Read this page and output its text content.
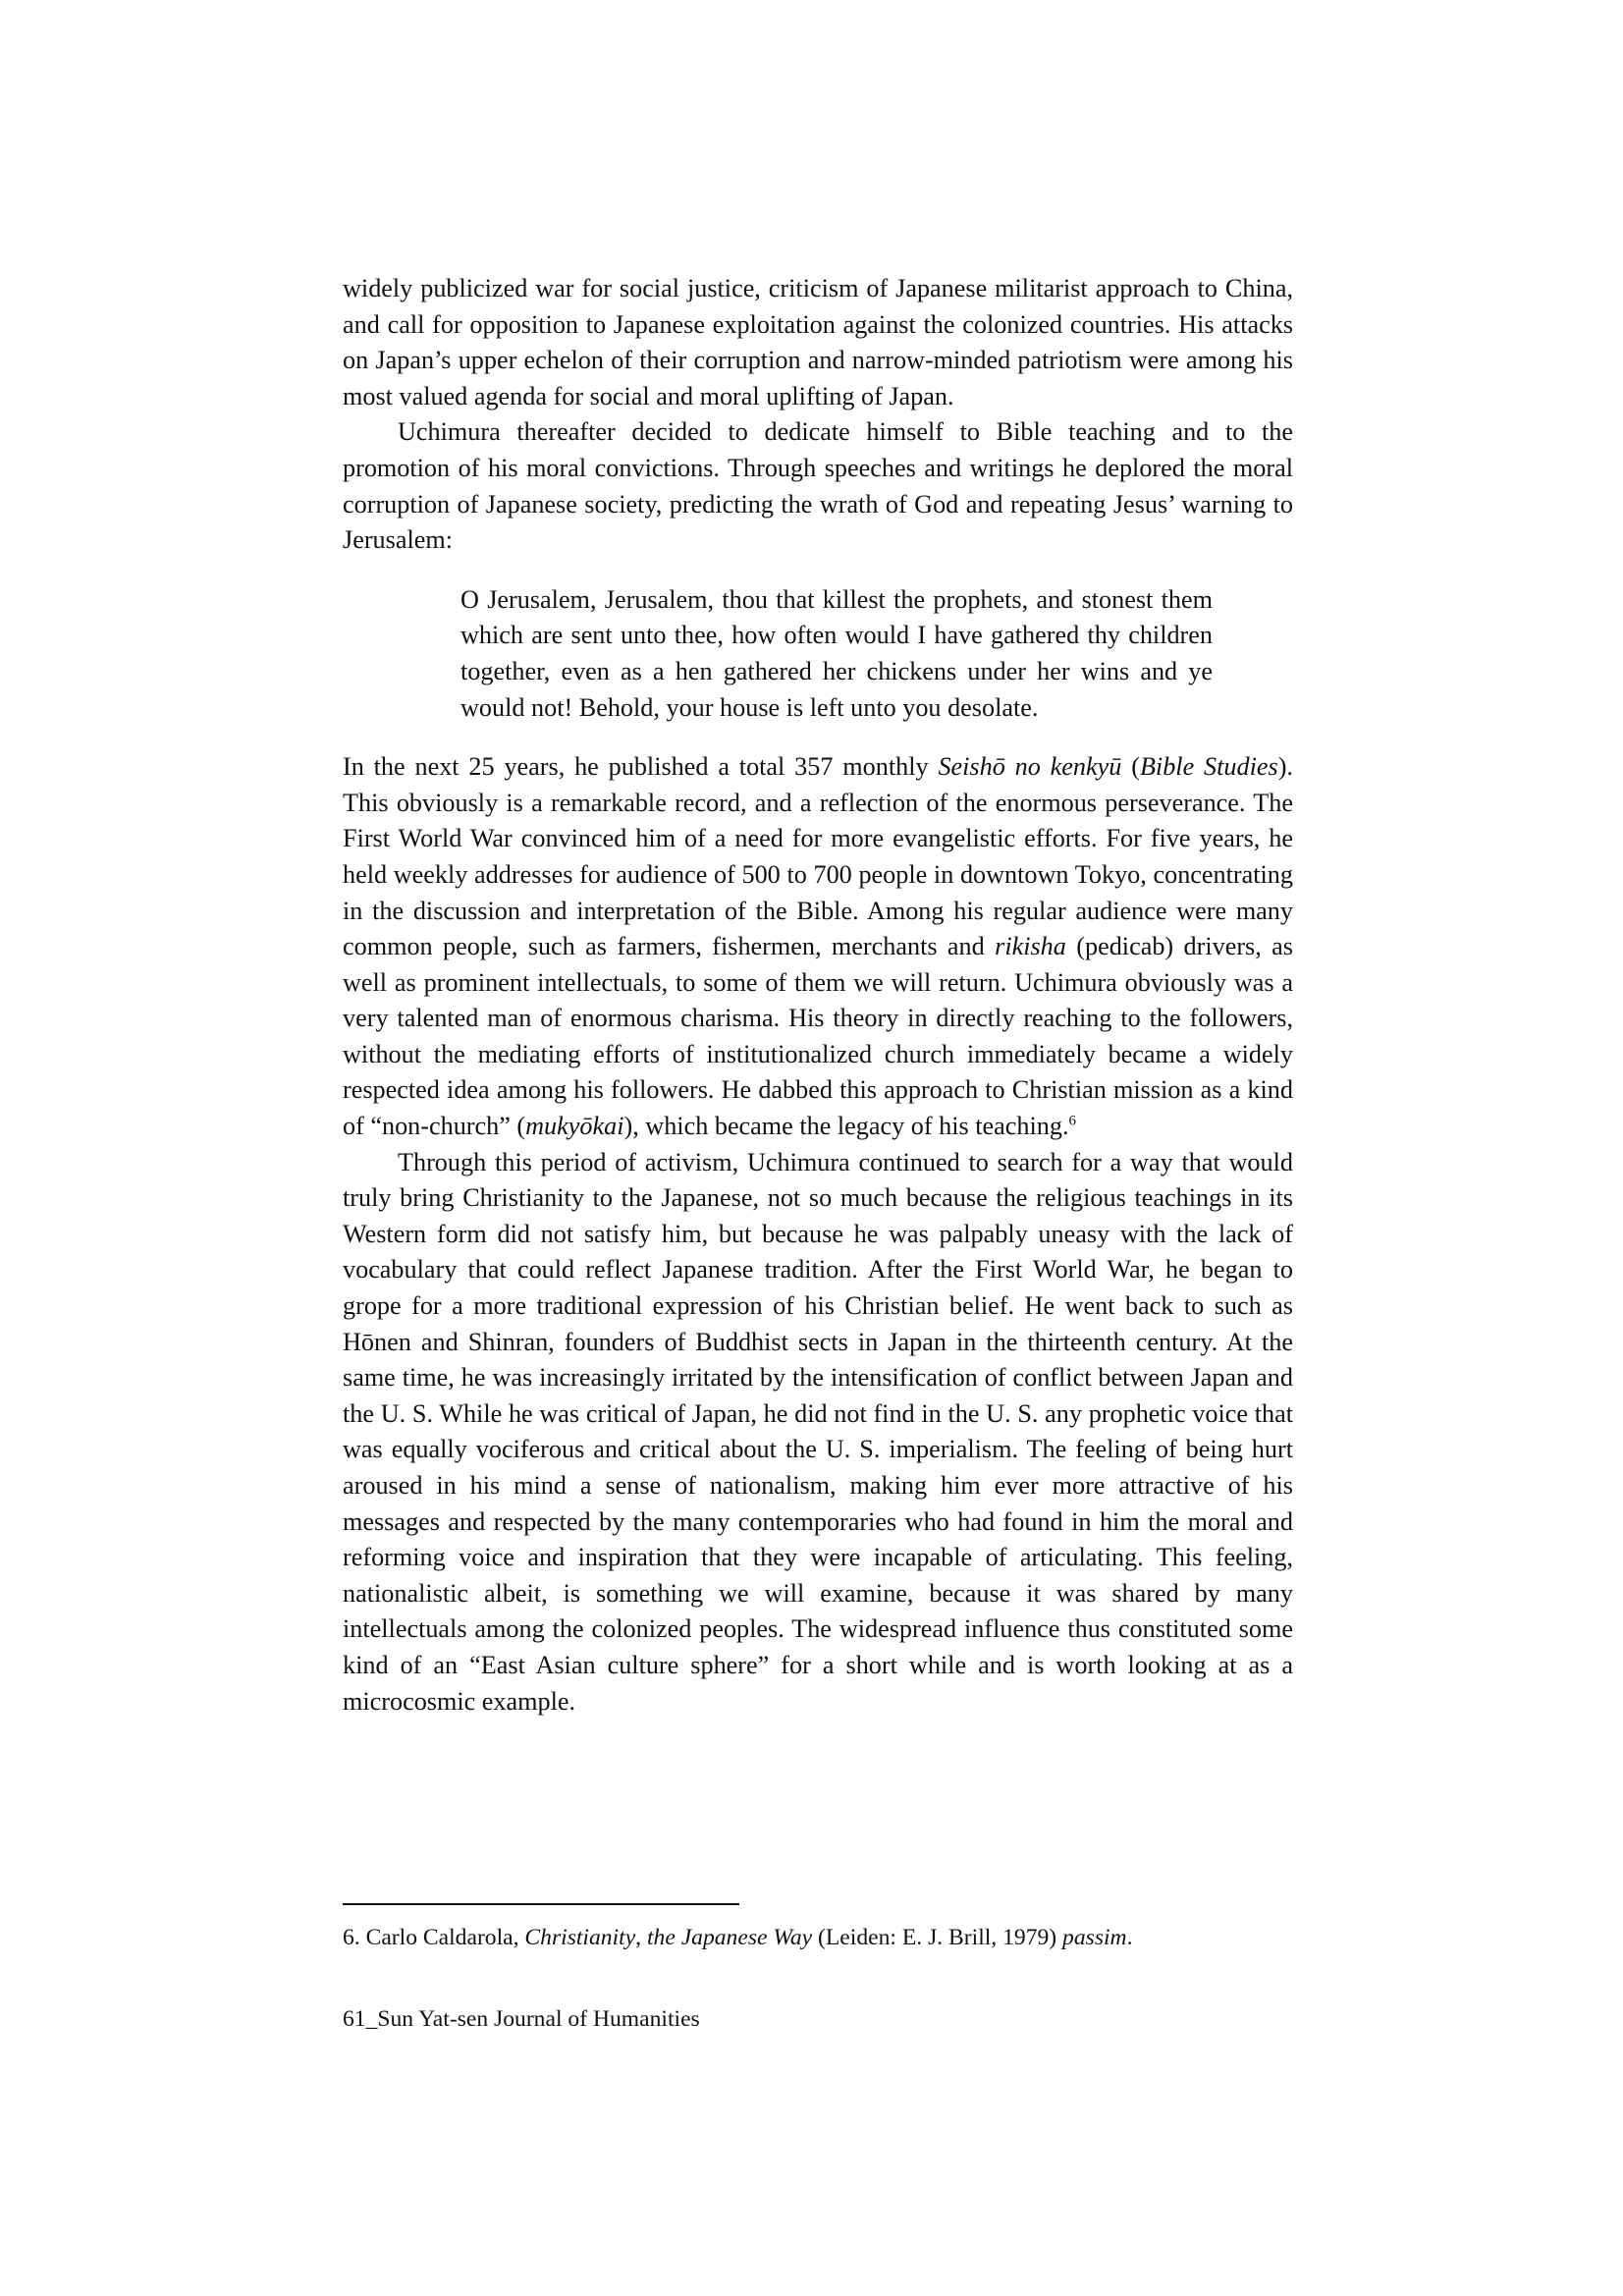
widely publicized war for social justice, criticism of Japanese militarist approach to China, and call for opposition to Japanese exploitation against the colonized countries. His attacks on Japan’s upper echelon of their corruption and narrow-minded patriotism were among his most valued agenda for social and moral uplifting of Japan.

Uchimura thereafter decided to dedicate himself to Bible teaching and to the promotion of his moral convictions. Through speeches and writings he deplored the moral corruption of Japanese society, predicting the wrath of God and repeating Jesus’ warning to Jerusalem:

O Jerusalem, Jerusalem, thou that killest the prophets, and stonest them which are sent unto thee, how often would I have gathered thy children together, even as a hen gathered her chickens under her wins and ye would not! Behold, your house is left unto you desolate.

In the next 25 years, he published a total 357 monthly Seishō no kenkyū (Bible Studies). This obviously is a remarkable record, and a reflection of the enormous perseverance. The First World War convinced him of a need for more evangelistic efforts. For five years, he held weekly addresses for audience of 500 to 700 people in downtown Tokyo, concentrating in the discussion and interpretation of the Bible. Among his regular audience were many common people, such as farmers, fishermen, merchants and rikisha (pedicab) drivers, as well as prominent intellectuals, to some of them we will return. Uchimura obviously was a very talented man of enormous charisma. His theory in directly reaching to the followers, without the mediating efforts of institutionalized church immediately became a widely respected idea among his followers. He dabbed this approach to Christian mission as a kind of “non-church” (mukyōkai), which became the legacy of his teaching.$^6$

Through this period of activism, Uchimura continued to search for a way that would truly bring Christianity to the Japanese, not so much because the religious teachings in its Western form did not satisfy him, but because he was palpably uneasy with the lack of vocabulary that could reflect Japanese tradition. After the First World War, he began to grope for a more traditional expression of his Christian belief. He went back to such as Hōnen and Shinran, founders of Buddhist sects in Japan in the thirteenth century. At the same time, he was increasingly irritated by the intensification of conflict between Japan and the U. S. While he was critical of Japan, he did not find in the U. S. any prophetic voice that was equally vociferous and critical about the U. S. imperialism. The feeling of being hurt aroused in his mind a sense of nationalism, making him ever more attractive of his messages and respected by the many contemporaries who had found in him the moral and reforming voice and inspiration that they were incapable of articulating. This feeling, nationalistic albeit, is something we will examine, because it was shared by many intellectuals among the colonized peoples. The widespread influence thus constituted some kind of an “East Asian culture sphere” for a short while and is worth looking at as a microcosmic example.

6. Carlo Caldarola, Christianity, the Japanese Way (Leiden: E. J. Brill, 1979) passim.
61_Sun Yat-sen Journal of Humanities
